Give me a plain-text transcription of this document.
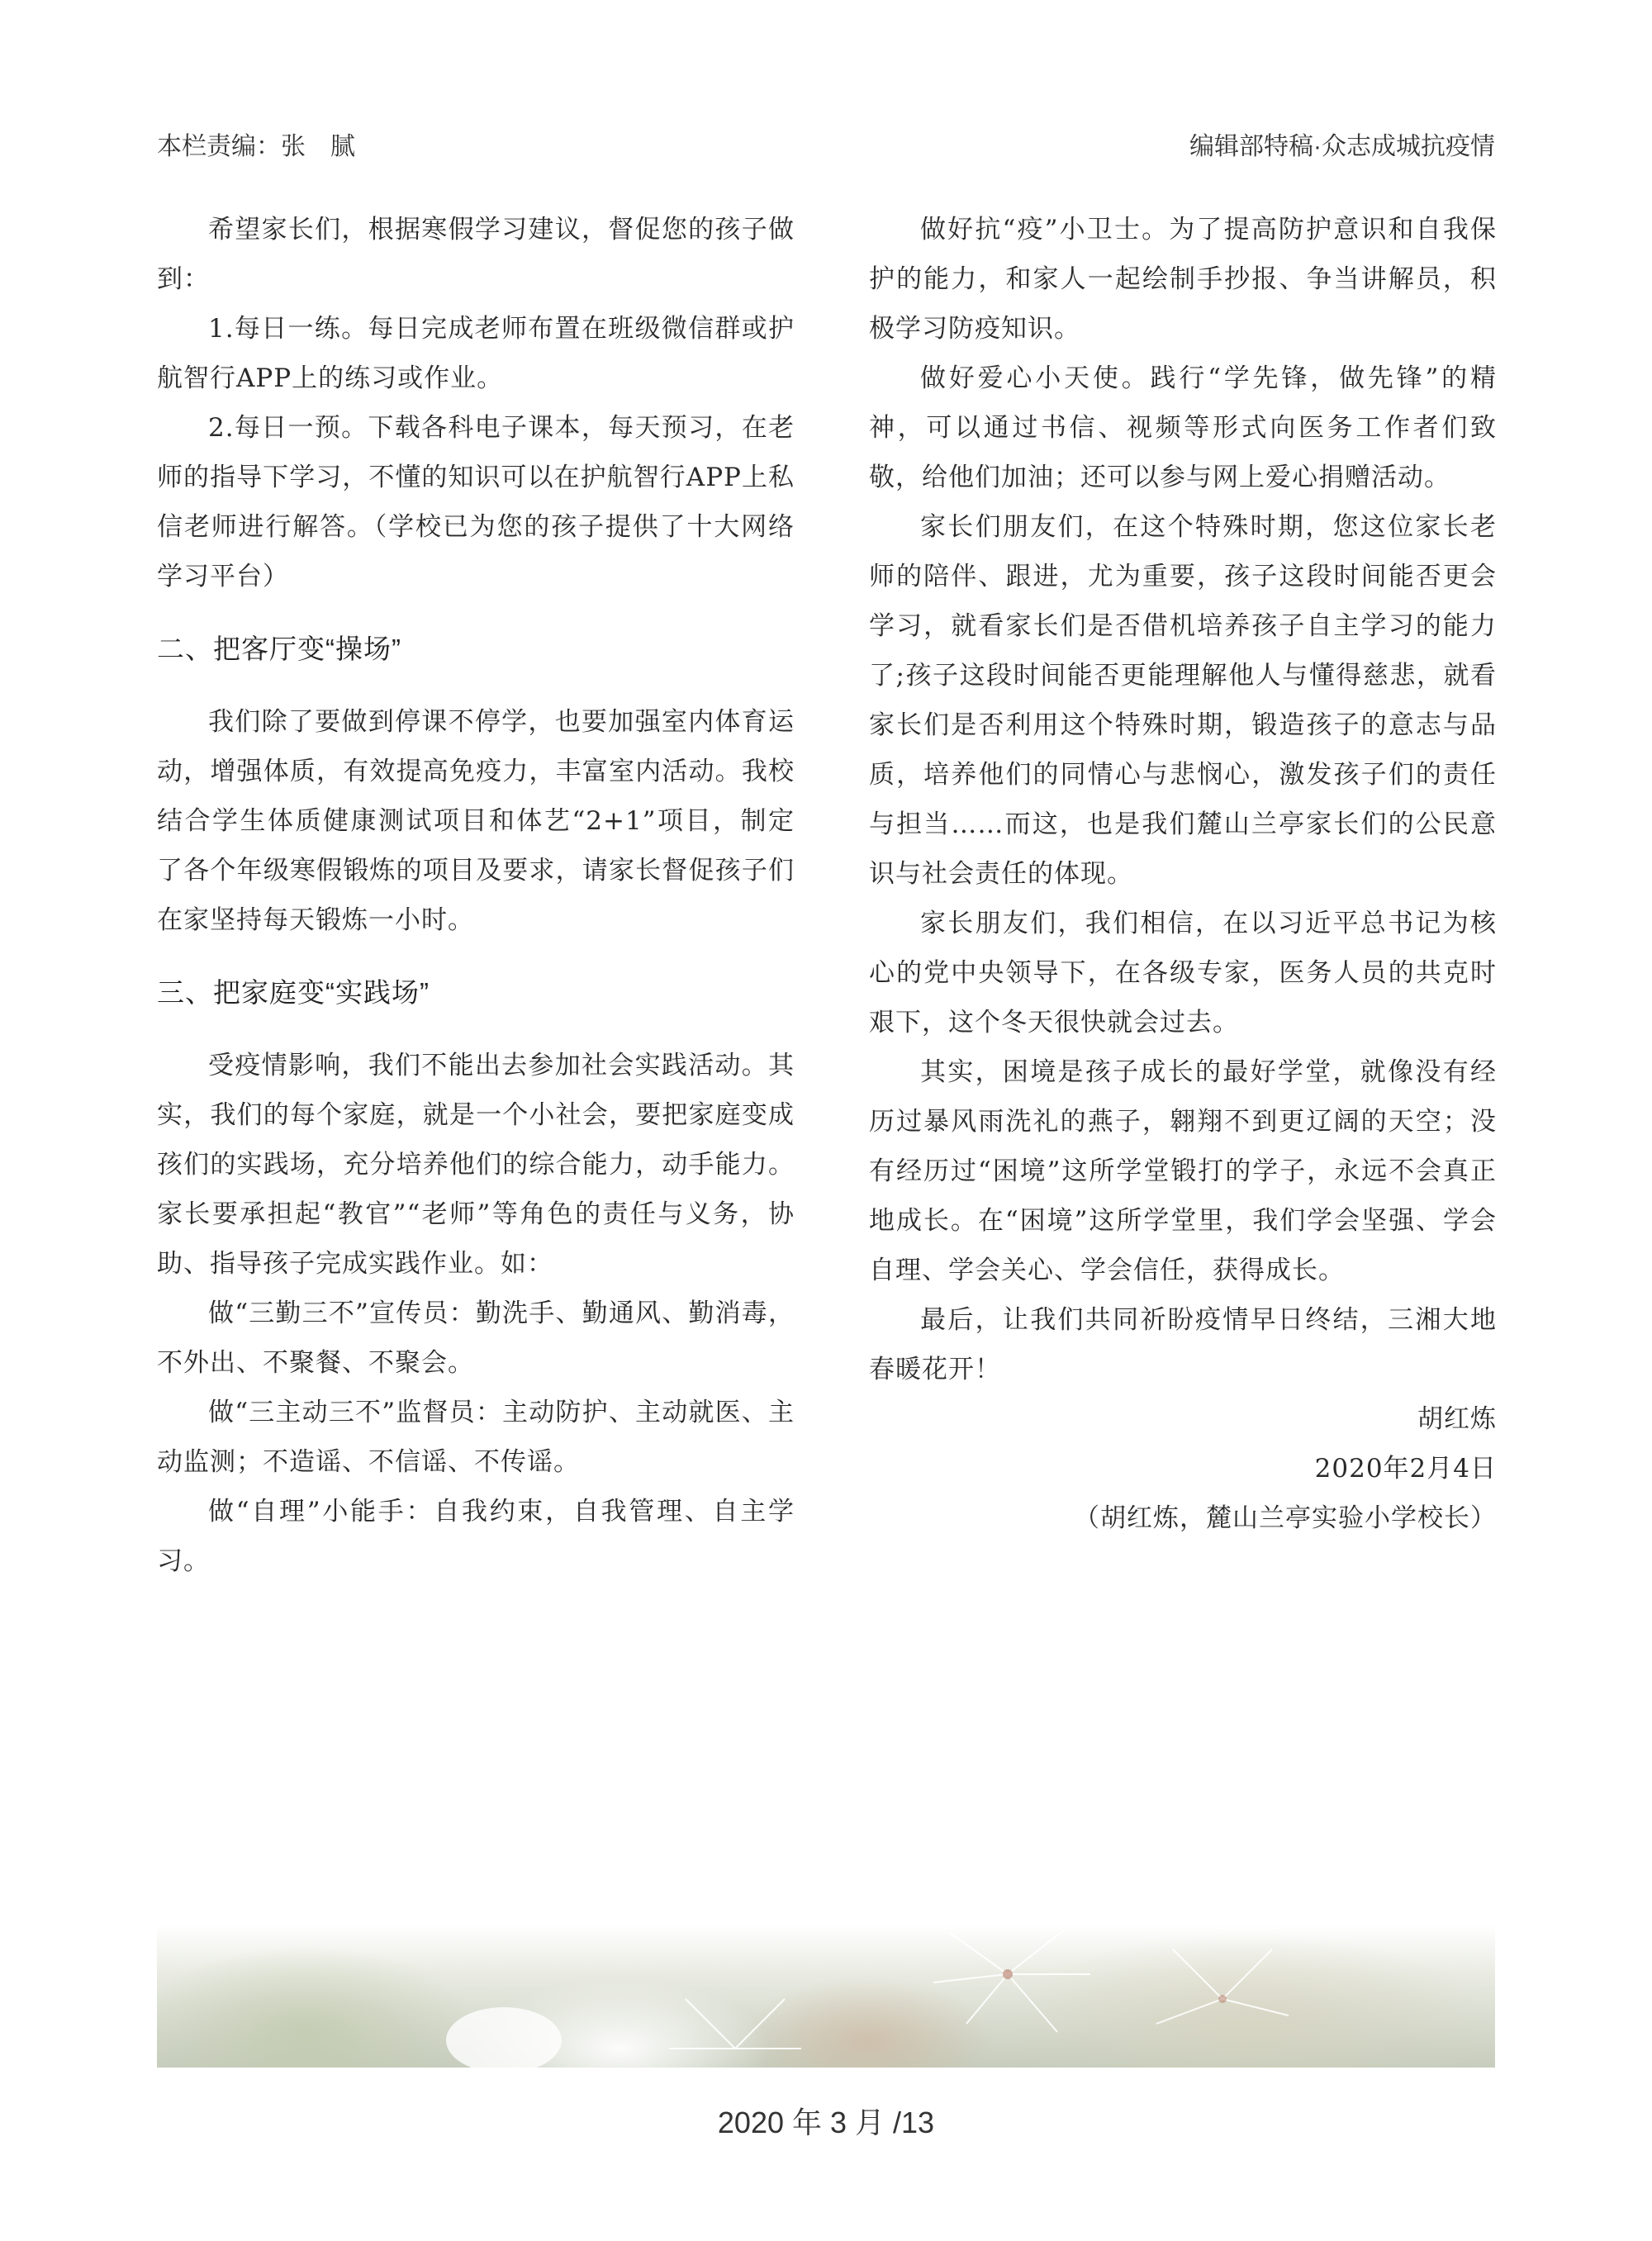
本栏责编：张　腻	编辑部特稿·众志成城抗疫情

希望家长们，根据寒假学习建议，督促您的孩子做到：

1.每日一练。每日完成老师布置在班级微信群或护航智行APP上的练习或作业。

2.每日一预。下载各科电子课本，每天预习，在老师的指导下学习，不懂的知识可以在护航智行APP上私信老师进行解答。（学校已为您的孩子提供了十大网络学习平台）

二、把客厅变“操场”

我们除了要做到停课不停学，也要加强室内体育运动，增强体质，有效提高免疫力，丰富室内活动。我校结合学生体质健康测试项目和体艺“2+1”项目，制定了各个年级寒假锻炼的项目及要求，请家长督促孩子们在家坚持每天锻炼一小时。

三、把家庭变“实践场”

受疫情影响，我们不能出去参加社会实践活动。其实，我们的每个家庭，就是一个小社会，要把家庭变成孩们的实践场，充分培养他们的综合能力，动手能力。家长要承担起“教官”“老师”等角色的责任与义务，协助、指导孩子完成实践作业。如：

做“三勤三不”宣传员：勤洗手、勤通风、勤消毒，不外出、不聚餐、不聚会。

做“三主动三不”监督员：主动防护、主动就医、主动监测；不造谣、不信谣、不传谣。

做“自理”小能手：自我约束，自我管理、自主学习。

做好抗“疫”小卫士。为了提高防护意识和自我保护的能力，和家人一起绘制手抄报、争当讲解员，积极学习防疫知识。

做好爱心小天使。践行“学先锋，做先锋”的精神，可以通过书信、视频等形式向医务工作者们致敬，给他们加油；还可以参与网上爱心捐赠活动。

家长们朋友们，在这个特殊时期，您这位家长老师的陪伴、跟进，尤为重要，孩子这段时间能否更会学习，就看家长们是否借机培养孩子自主学习的能力了;孩子这段时间能否更能理解他人与懂得慈悲，就看家长们是否利用这个特殊时期，锻造孩子的意志与品质，培养他们的同情心与悲悯心，激发孩子们的责任与担当……而这，也是我们麓山兰亭家长们的公民意识与社会责任的体现。

家长朋友们，我们相信，在以习近平总书记为核心的党中央领导下，在各级专家，医务人员的共克时艰下，这个冬天很快就会过去。

其实，困境是孩子成长的最好学堂，就像没有经历过暴风雨洗礼的燕子，翱翔不到更辽阔的天空；没有经历过“困境”这所学堂锻打的学子，永远不会真正地成长。在“困境”这所学堂里，我们学会坚强、学会自理、学会关心、学会信任，获得成长。

最后，让我们共同祈盼疫情早日终结，三湘大地春暖花开！

胡红炼

2020年2月4日

（胡红炼，麓山兰亭实验小学校长）

2020 年 3 月 /13
